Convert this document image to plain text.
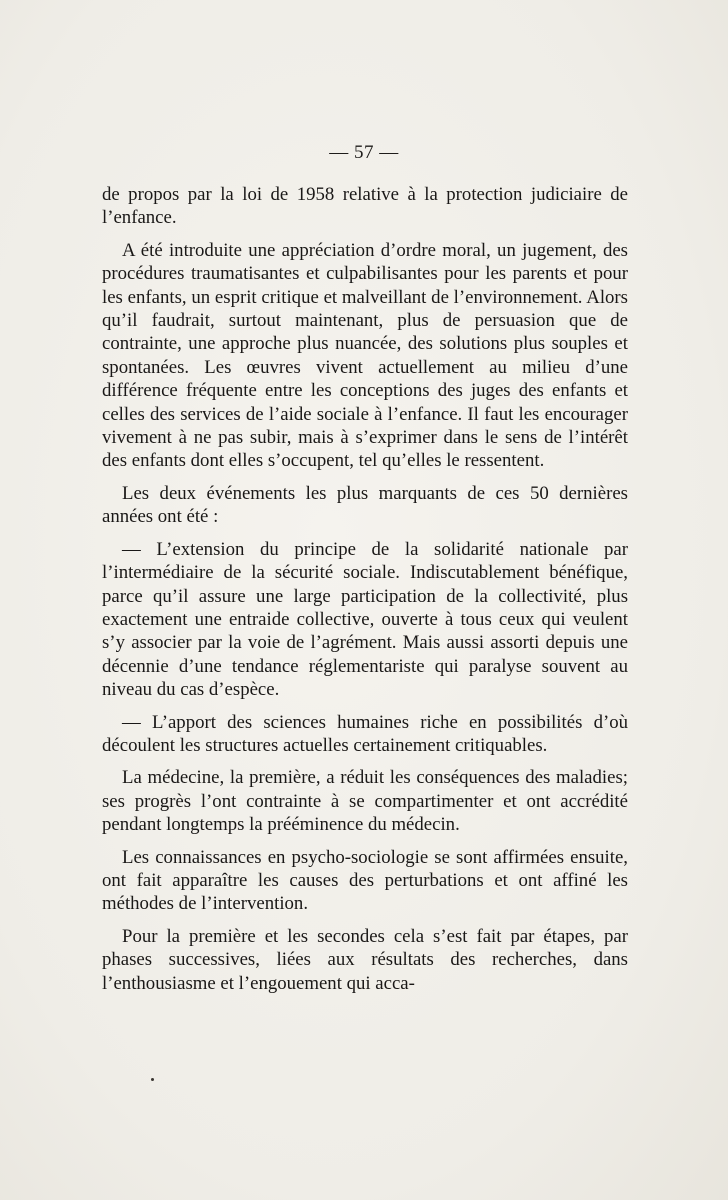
— 57 —

de propos par la loi de 1958 relative à la protection judiciaire de l’enfance.

A été introduite une appréciation d’ordre moral, un jugement, des procédures traumatisantes et culpabilisantes pour les parents et pour les enfants, un esprit critique et malveillant de l’environnement. Alors qu’il faudrait, surtout maintenant, plus de persuasion que de contrainte, une approche plus nuancée, des solutions plus souples et spontanées. Les œuvres vivent actuellement au milieu d’une différence fréquente entre les conceptions des juges des enfants et celles des services de l’aide sociale à l’enfance. Il faut les encourager vivement à ne pas subir, mais à s’exprimer dans le sens de l’intérêt des enfants dont elles s’occupent, tel qu’elles le ressentent.

Les deux événements les plus marquants de ces 50 dernières années ont été :

— L’extension du principe de la solidarité nationale par l’intermédiaire de la sécurité sociale. Indiscutablement bénéfique, parce qu’il assure une large participation de la collectivité, plus exactement une entraide collective, ouverte à tous ceux qui veulent s’y associer par la voie de l’agrément. Mais aussi assorti depuis une décennie d’une tendance réglementariste qui paralyse souvent au niveau du cas d’espèce.

— L’apport des sciences humaines riche en possibilités d’où découlent les structures actuelles certainement critiquables.

La médecine, la première, a réduit les conséquences des maladies; ses progrès l’ont contrainte à se compartimenter et ont accrédité pendant longtemps la prééminence du médecin.

Les connaissances en psycho-sociologie se sont affirmées ensuite, ont fait apparaître les causes des perturbations et ont affiné les méthodes de l’intervention.

Pour la première et les secondes cela s’est fait par étapes, par phases successives, liées aux résultats des recherches, dans l’enthousiasme et l’engouement qui acca-
